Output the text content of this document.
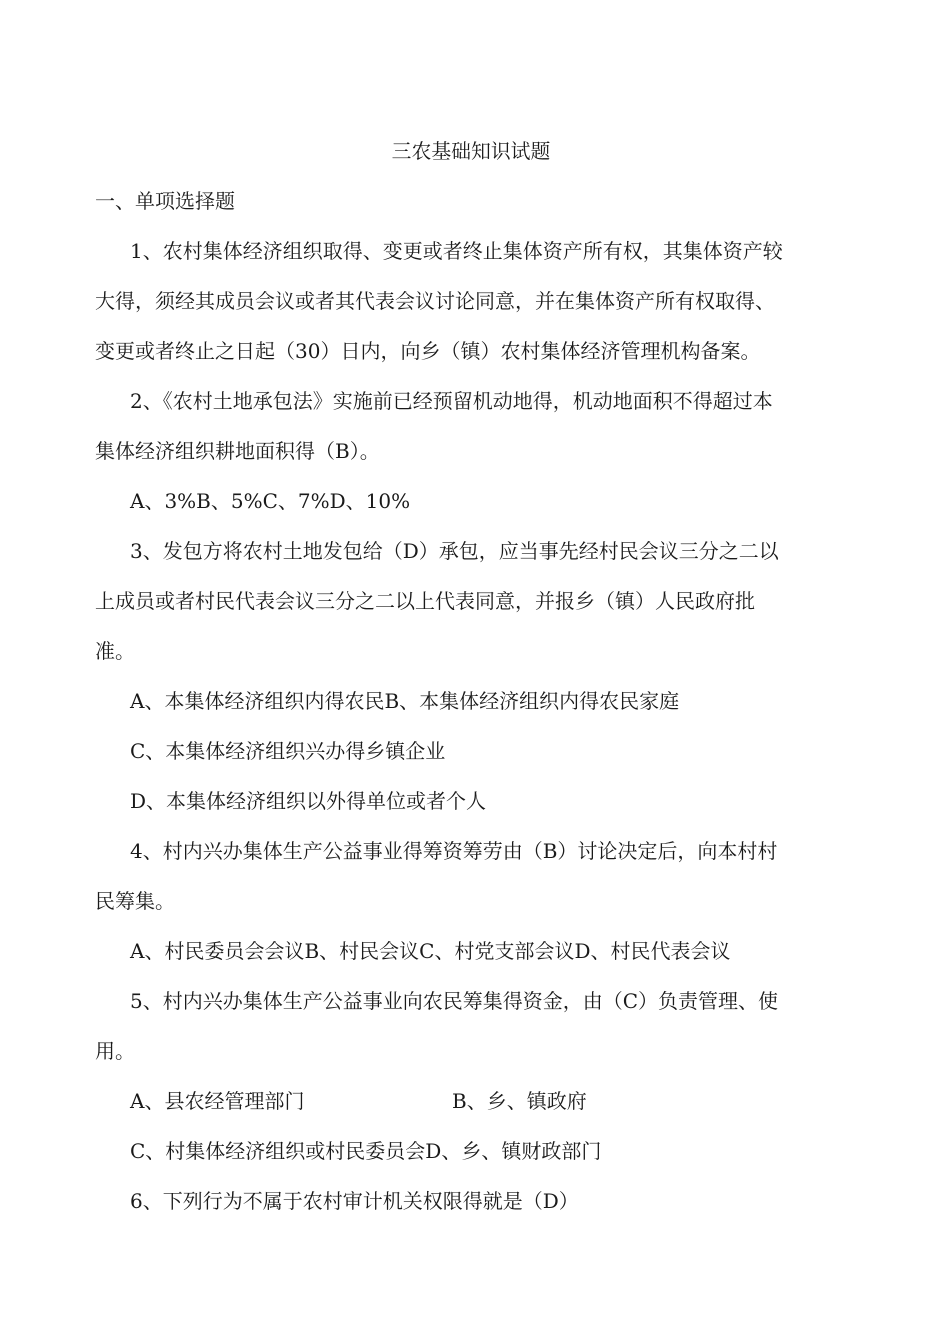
三农基础知识试题
一、单项选择题
1、农村集体经济组织取得、变更或者终止集体资产所有权，其集体资产较
大得，须经其成员会议或者其代表会议讨论同意，并在集体资产所有权取得、
变更或者终止之日起（30）日内，向乡（镇）农村集体经济管理机构备案。
2、《农村土地承包法》实施前已经预留机动地得，机动地面积不得超过本
集体经济组织耕地面积得（B）。
A、3%B、5%C、7%D、10%
3、发包方将农村土地发包给（D）承包，应当事先经村民会议三分之二以
上成员或者村民代表会议三分之二以上代表同意，并报乡（镇）人民政府批
准。
A、本集体经济组织内得农民B、本集体经济组织内得农民家庭
C、本集体经济组织兴办得乡镇企业
D、本集体经济组织以外得单位或者个人
4、村内兴办集体生产公益事业得筹资筹劳由（B）讨论决定后，向本村村
民筹集。
A、村民委员会会议B、村民会议C、村党支部会议D、村民代表会议
5、村内兴办集体生产公益事业向农民筹集得资金，由（C）负责管理、使
用。
A、县农经管理部门	B、乡、镇政府
C、村集体经济组织或村民委员会D、乡、镇财政部门
6、下列行为不属于农村审计机关权限得就是（D）
